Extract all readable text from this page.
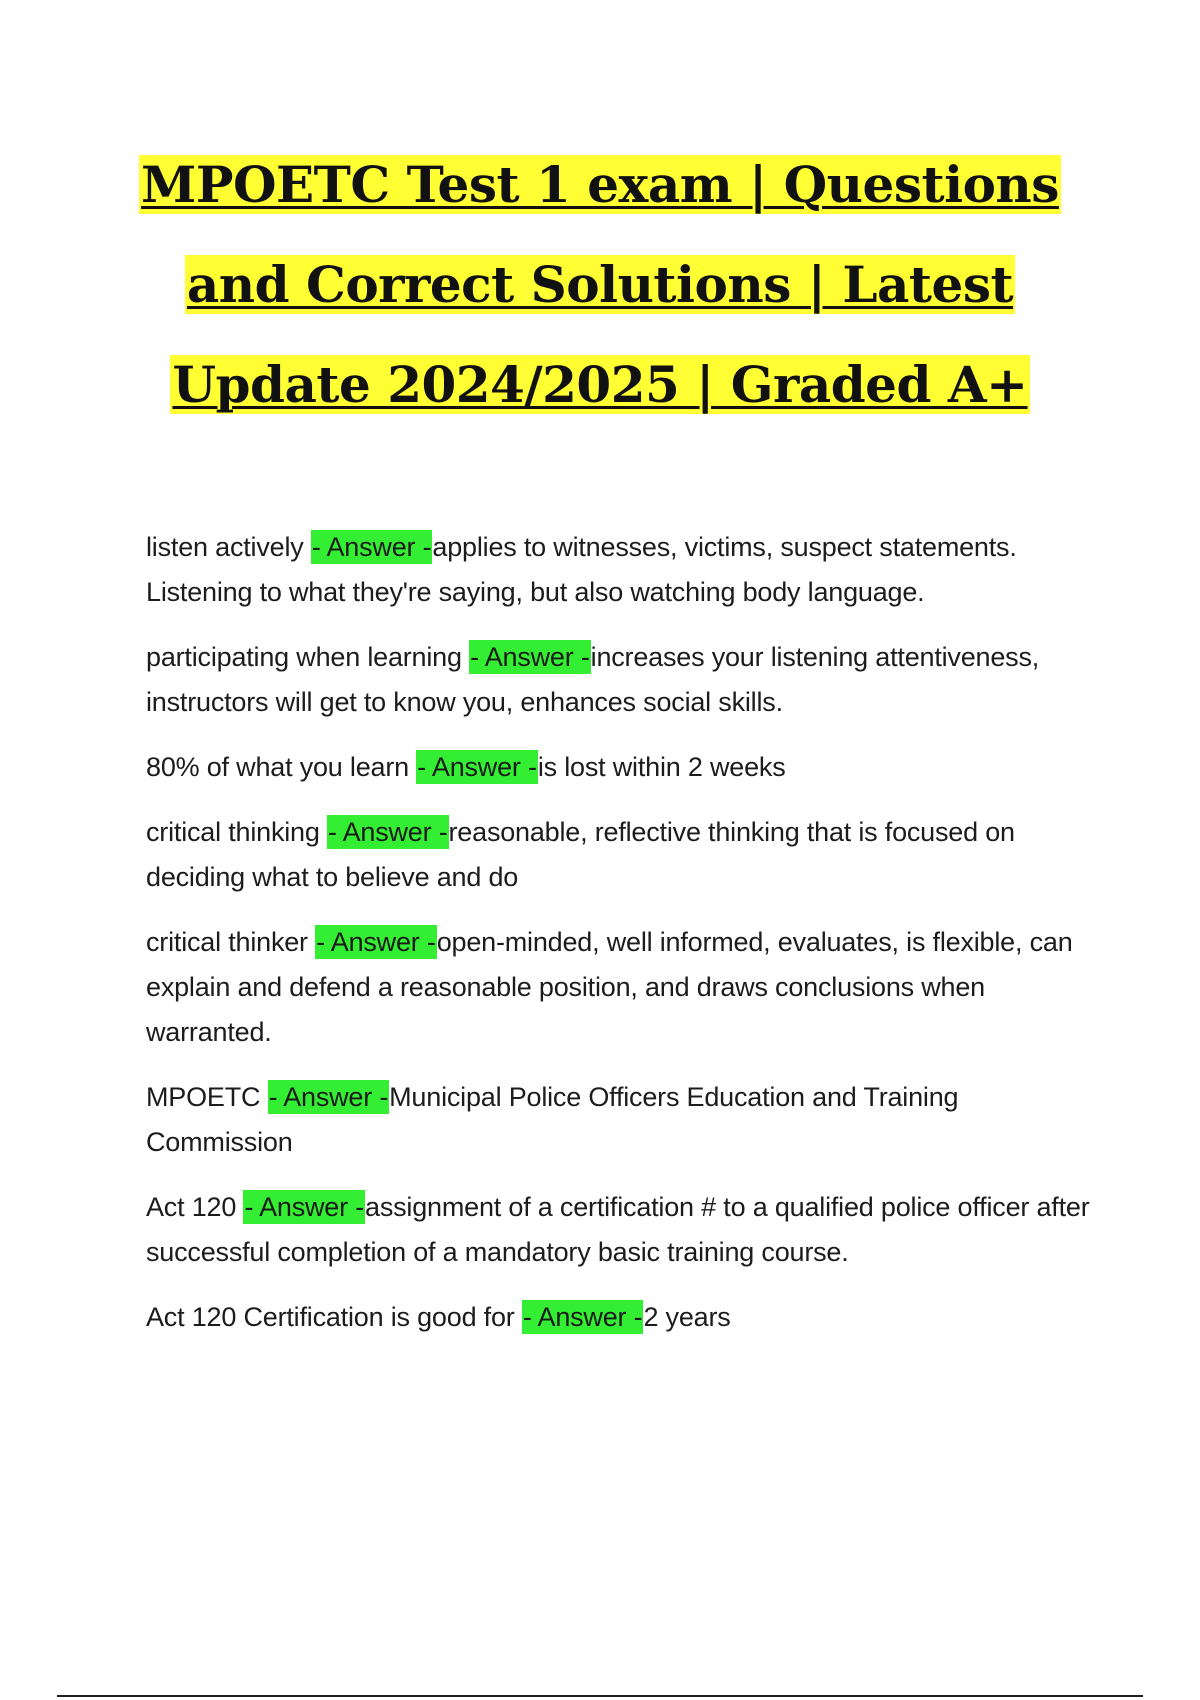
MPOETC Test 1 exam | Questions
and Correct Solutions | Latest
Update 2024/2025 | Graded A+

listen actively - Answer -applies to witnesses, victims, suspect statements. Listening to what they're saying, but also watching body language.

participating when learning - Answer -increases your listening attentiveness, instructors will get to know you, enhances social skills.

80% of what you learn - Answer -is lost within 2 weeks

critical thinking - Answer -reasonable, reflective thinking that is focused on deciding what to believe and do

critical thinker - Answer -open-minded, well informed, evaluates, is flexible, can explain and defend a reasonable position, and draws conclusions when warranted.

MPOETC - Answer -Municipal Police Officers Education and Training Commission

Act 120 - Answer -assignment of a certification # to a qualified police officer after successful completion of a mandatory basic training course.

Act 120 Certification is good for - Answer -2 years
